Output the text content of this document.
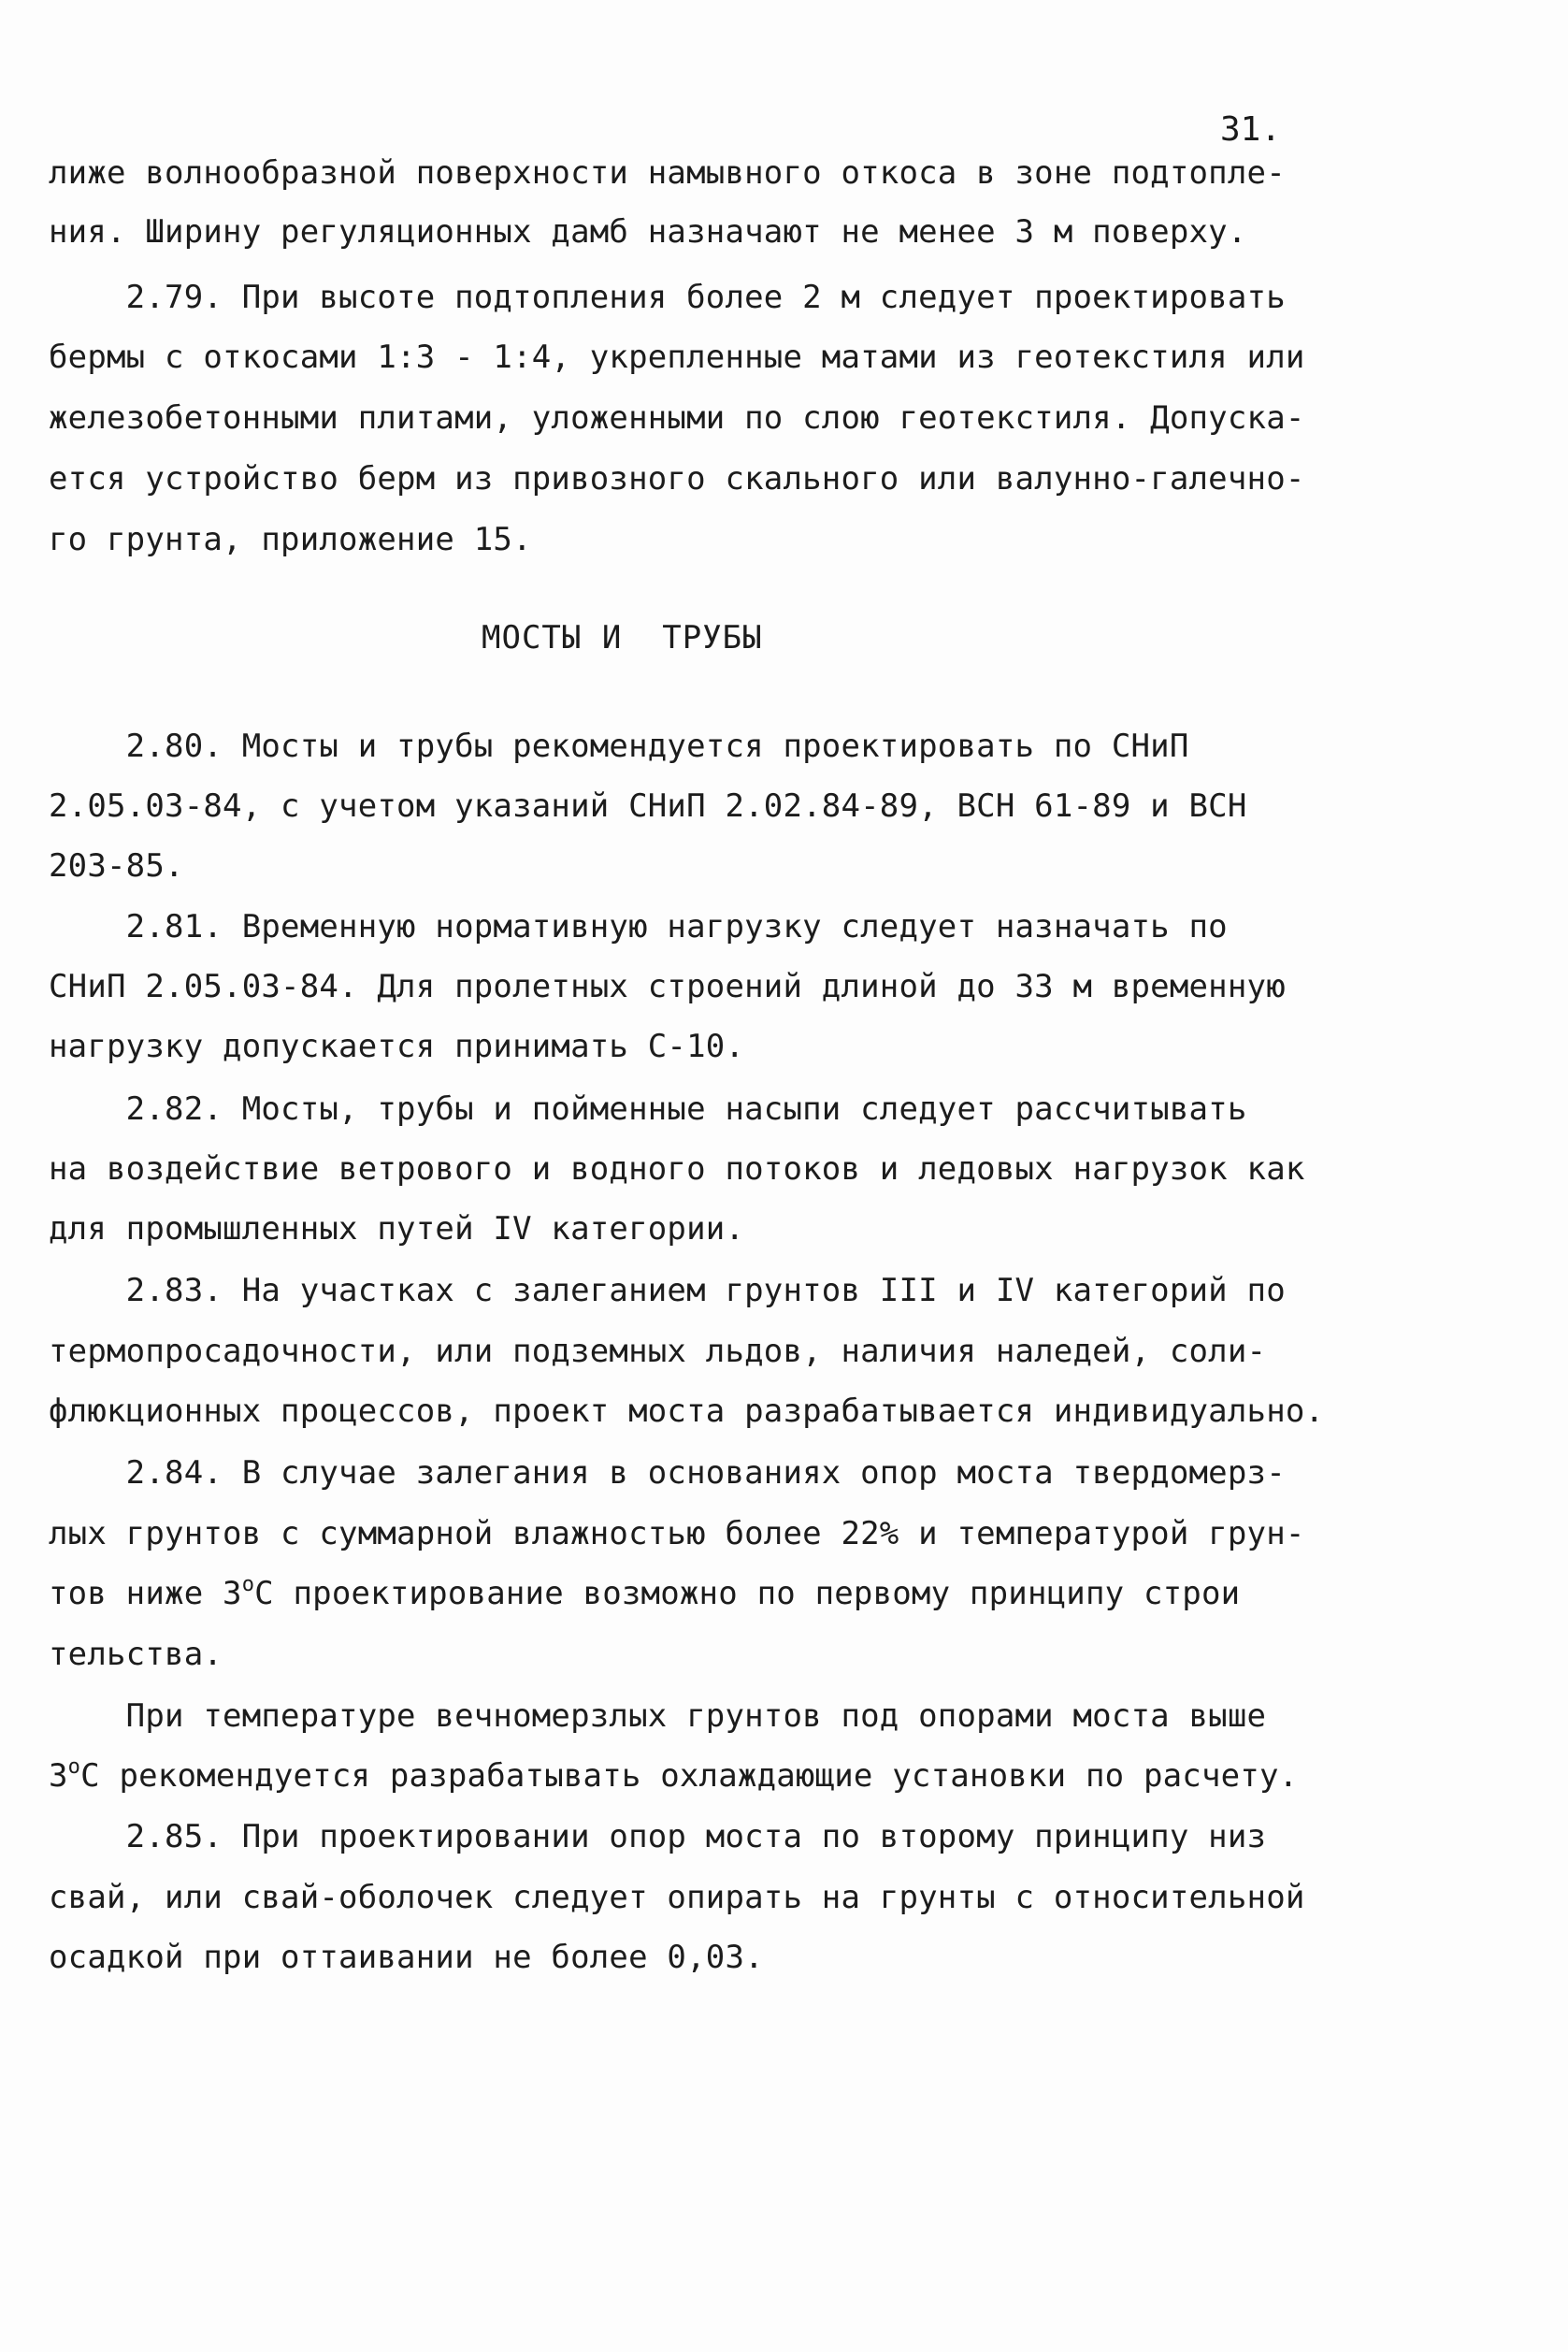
31.
лиже волнообразной поверхности намывного откоса в зоне подтопле-
ния. Ширину регуляционных дамб назначают не менее 3 м поверху.
2.79. При высоте подтопления более 2 м следует проектировать
бермы с откосами 1:3 - 1:4, укрепленные матами из геотекстиля или
железобетонными плитами, уложенными по слою геотекстиля. Допуска-
ется устройство берм из привозного скального или валунно-галечно-
го грунта, приложение 15.
МОСТЫ И  ТРУБЫ
2.80. Мосты и трубы рекомендуется проектировать по СНиП
2.05.03-84, с учетом указаний СНиП 2.02.84-89, ВСН 61-89 и ВСН
203-85.
2.81. Временную нормативную нагрузку следует назначать по
СНиП 2.05.03-84. Для пролетных строений длиной до 33 м временную
нагрузку допускается принимать С-10.
2.82. Мосты, трубы и пойменные насыпи следует рассчитывать
на воздействие ветрового и водного потоков и ледовых нагрузок как
для промышленных путей IV категории.
2.83. На участках с залеганием грунтов III и IV категорий по
термопросадочности, или подземных льдов, наличия наледей, соли-
флюкционных процессов, проект моста разрабатывается индивидуально.
2.84. В случае залегания в основаниях опор моста твердомерз-
лых грунтов с суммарной влажностью более 22% и температурой грун-
тов ниже $3^оC$ проектирование возможно по первому принципу строи
тельства.
При температуре вечномерзлых грунтов под опорами моста выше
$3^оC$ рекомендуется разрабатывать охлаждающие установки по расчету.
2.85. При проектировании опор моста по второму принципу низ
свай, или свай-оболочек следует опирать на грунты с относительной
осадкой при оттаивании не более 0,03.
